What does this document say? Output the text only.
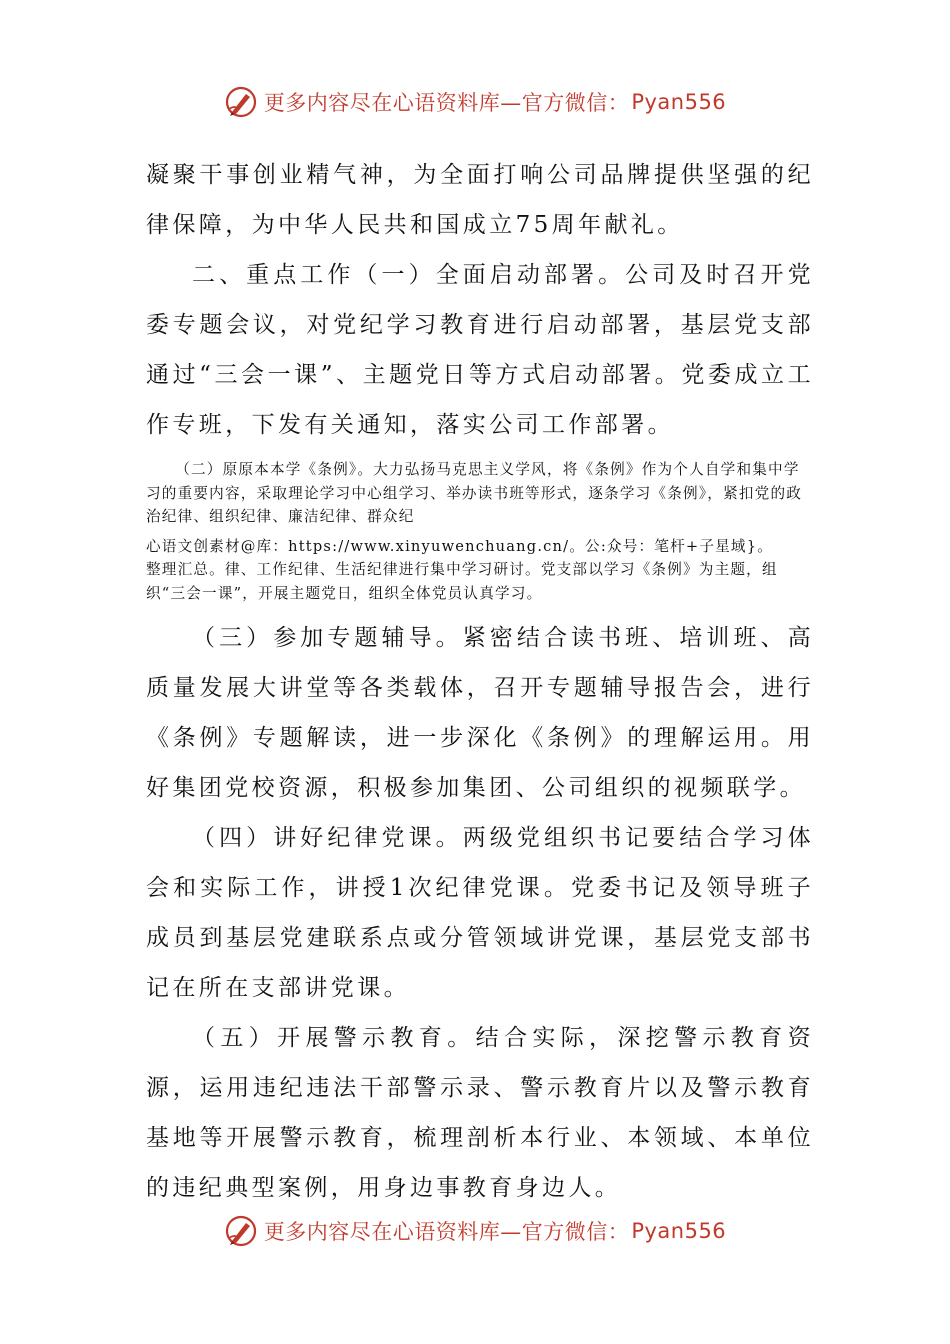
更多内容尽在心语资料库—官方微信： Pyan556

凝聚干事创业精气神，为全面打响公司品牌提供坚强的纪律保障，为中华人民共和国成立75周年献礼。

二、重点工作（一）全面启动部署。公司及时召开党委专题会议，对党纪学习教育进行启动部署，基层党支部通过“三会一课”、主题党日等方式启动部署。党委成立工作专班，下发有关通知，落实公司工作部署。

（二）原原本本学《条例》。大力弘扬马克思主义学风，将《条例》作为个人自学和集中学习的重要内容，采取理论学习中心组学习、举办读书班等形式，逐条学习《条例》，紧扣党的政治纪律、组织纪律、廉洁纪律、群众纪

心语文创素材@库：https://www.xinyuwenchuang.cn/。公:众号：笔杆+子星域}。

整理汇总。律、工作纪律、生活纪律进行集中学习研讨。党支部以学习《条例》为主题，组织“三会一课”，开展主题党日，组织全体党员认真学习。

（三）参加专题辅导。紧密结合读书班、培训班、高质量发展大讲堂等各类载体，召开专题辅导报告会，进行《条例》专题解读，进一步深化《条例》的理解运用。用好集团党校资源，积极参加集团、公司组织的视频联学。

（四）讲好纪律党课。两级党组织书记要结合学习体会和实际工作，讲授1次纪律党课。党委书记及领导班子成员到基层党建联系点或分管领域讲党课，基层党支部书记在所在支部讲党课。

（五）开展警示教育。结合实际，深挖警示教育资源，运用违纪违法干部警示录、警示教育片以及警示教育基地等开展警示教育，梳理剖析本行业、本领域、本单位的违纪典型案例，用身边事教育身边人。

更多内容尽在心语资料库—官方微信： Pyan556
